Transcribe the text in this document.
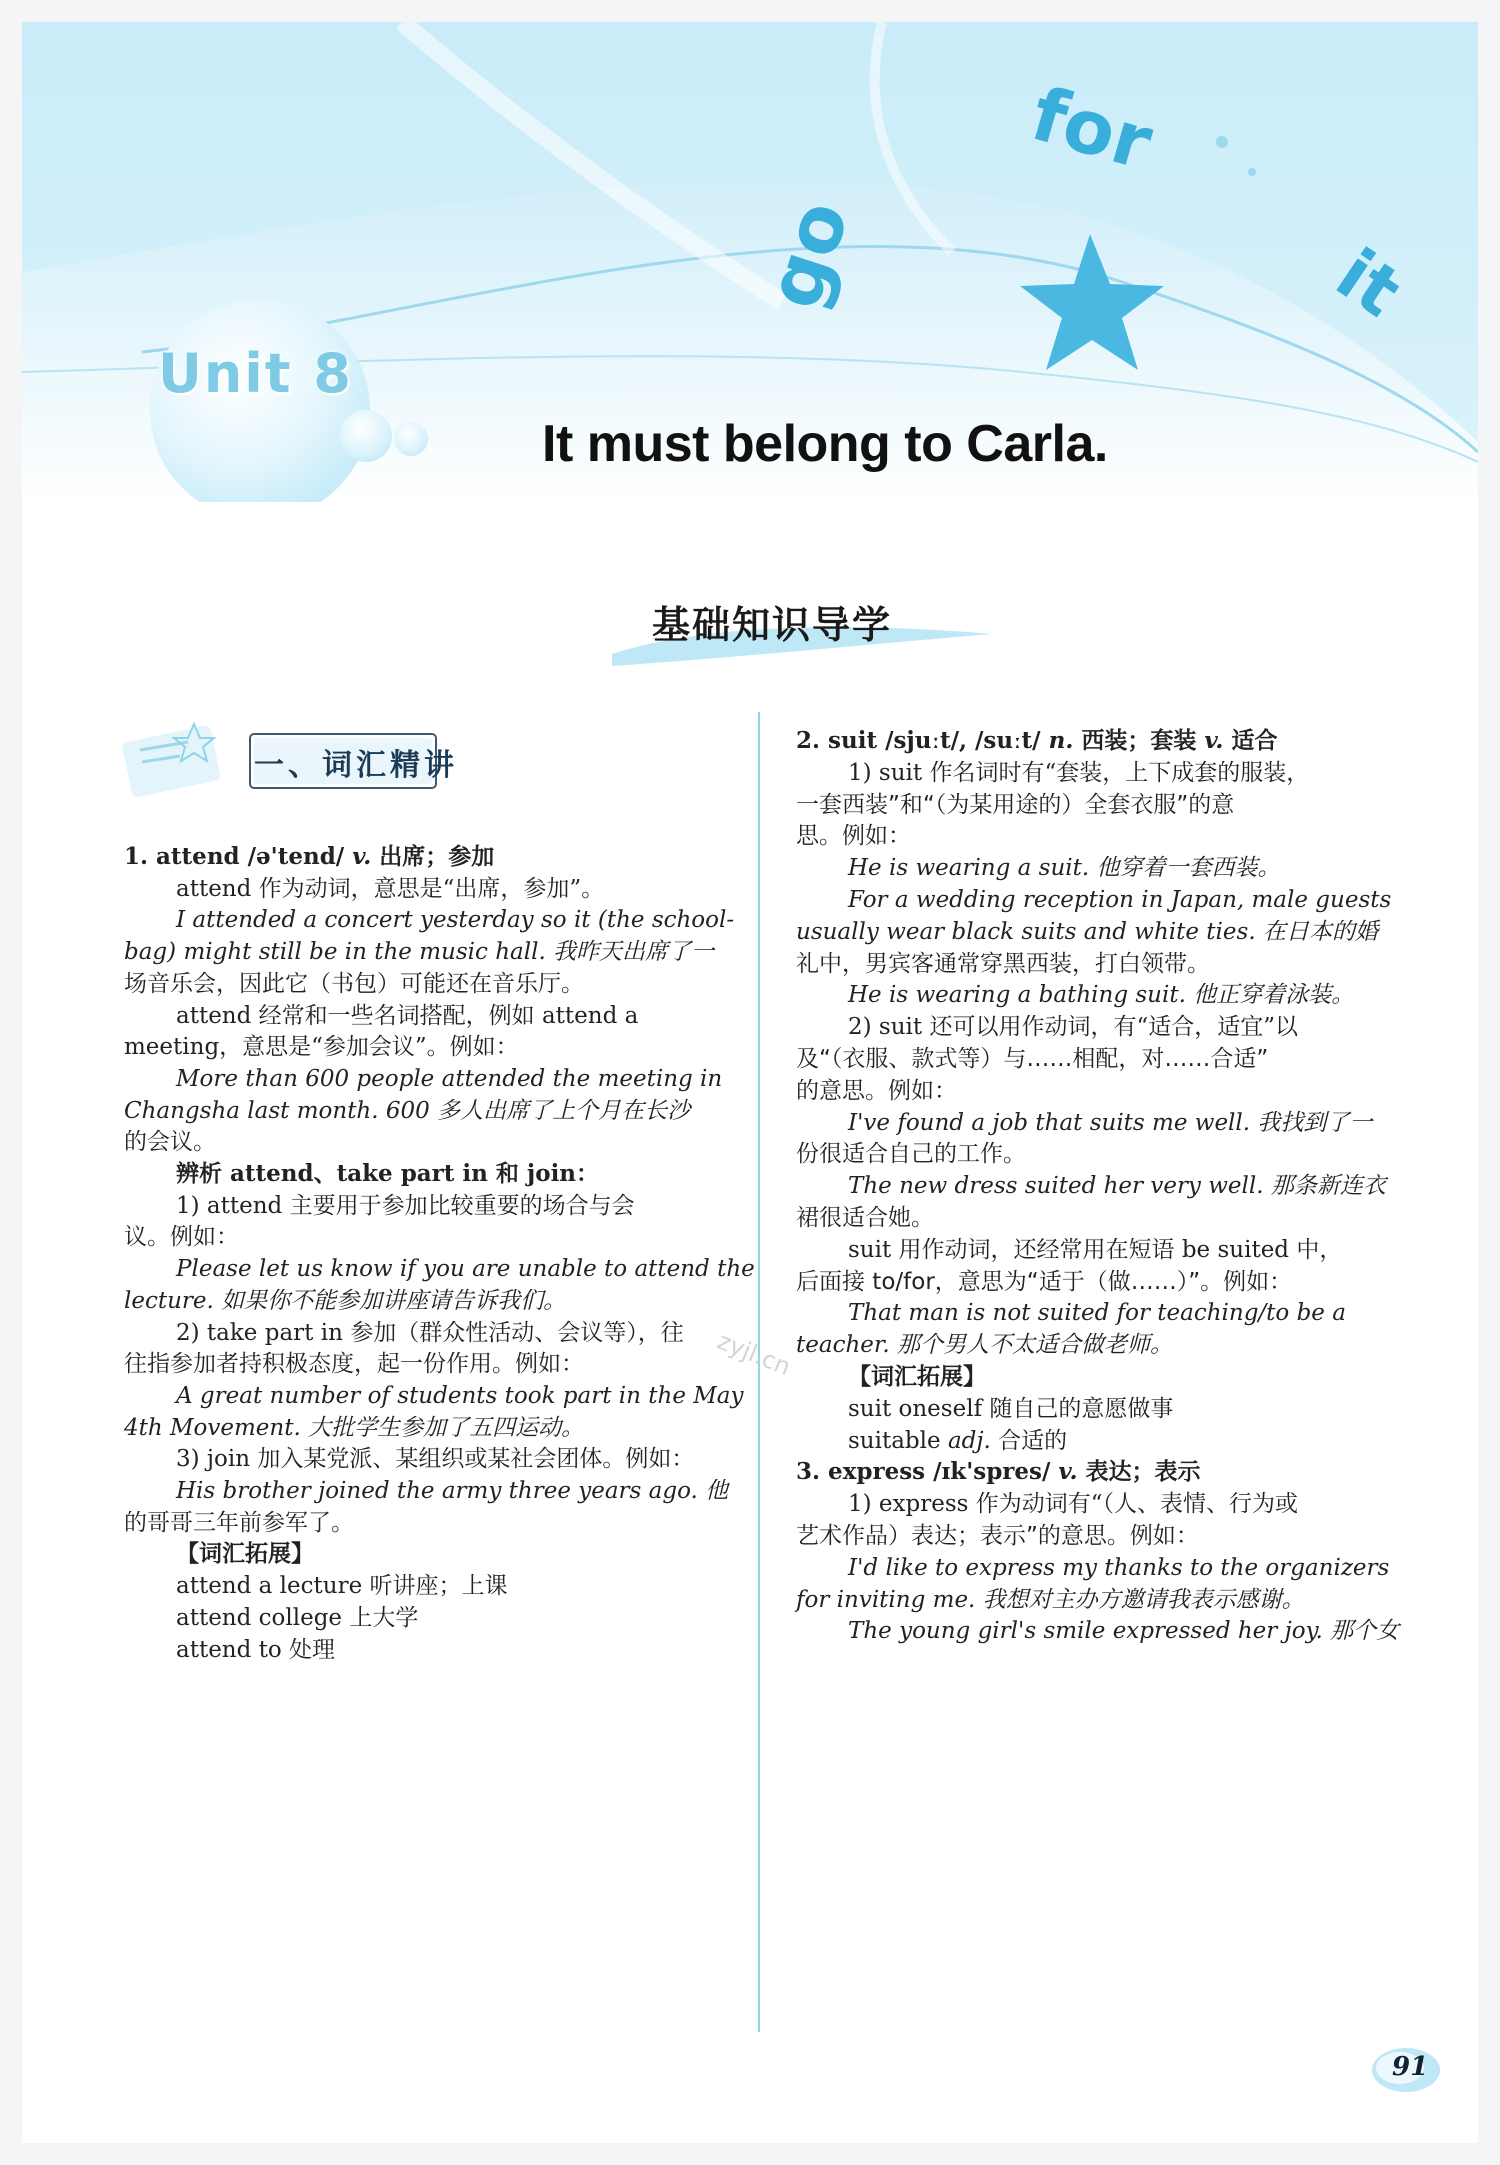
go
for
it
Unit 8
It must belong to Carla.
基础知识导学
一、词汇精讲
1. attend /ə'tend/ v. 出席；参加
attend 作为动词，意思是“出席，参加”。
I attended a concert yesterday so it (the school-
bag) might still be in the music hall. 我昨天出席了一
场音乐会，因此它（书包）可能还在音乐厅。
attend 经常和一些名词搭配，例如 attend a
meeting，意思是“参加会议”。例如：
More than 600 people attended the meeting in
Changsha last month. 600 多人出席了上个月在长沙
的会议。
辨析 attend、take part in 和 join：
1) attend 主要用于参加比较重要的场合与会
议。例如：
Please let us know if you are unable to attend the
lecture. 如果你不能参加讲座请告诉我们。
2) take part in 参加（群众性活动、会议等），往
往指参加者持积极态度，起一份作用。例如：
A great number of students took part in the May
4th Movement. 大批学生参加了五四运动。
3) join 加入某党派、某组织或某社会团体。例如：
His brother joined the army three years ago. 他
的哥哥三年前参军了。
【词汇拓展】
attend a lecture 听讲座；上课
attend college 上大学
attend to 处理
2. suit /sjuːt/, /suːt/ n. 西装；套装 v. 适合
1) suit 作名词时有“套装，上下成套的服装，
一套西装”和“（为某用途的）全套衣服”的意
思。例如：
He is wearing a suit. 他穿着一套西装。
For a wedding reception in Japan, male guests
usually wear black suits and white ties. 在日本的婚
礼中，男宾客通常穿黑西装，打白领带。
He is wearing a bathing suit. 他正穿着泳装。
2) suit 还可以用作动词，有“适合，适宜”以
及“（衣服、款式等）与……相配，对……合适”
的意思。例如：
I've found a job that suits me well. 我找到了一
份很适合自己的工作。
The new dress suited her very well. 那条新连衣
裙很适合她。
suit 用作动词，还经常用在短语 be suited 中，
后面接 to/for，意思为“适于（做……）”。例如：
That man is not suited for teaching/to be a
teacher. 那个男人不太适合做老师。
【词汇拓展】
suit oneself 随自己的意愿做事
suitable adj. 合适的
3. express /ɪk'spres/ v. 表达；表示
1) express 作为动词有“（人、表情、行为或
艺术作品）表达；表示”的意思。例如：
I'd like to express my thanks to the organizers
for inviting me. 我想对主办方邀请我表示感谢。
The young girl's smile expressed her joy. 那个女
zyjl.cn
91
